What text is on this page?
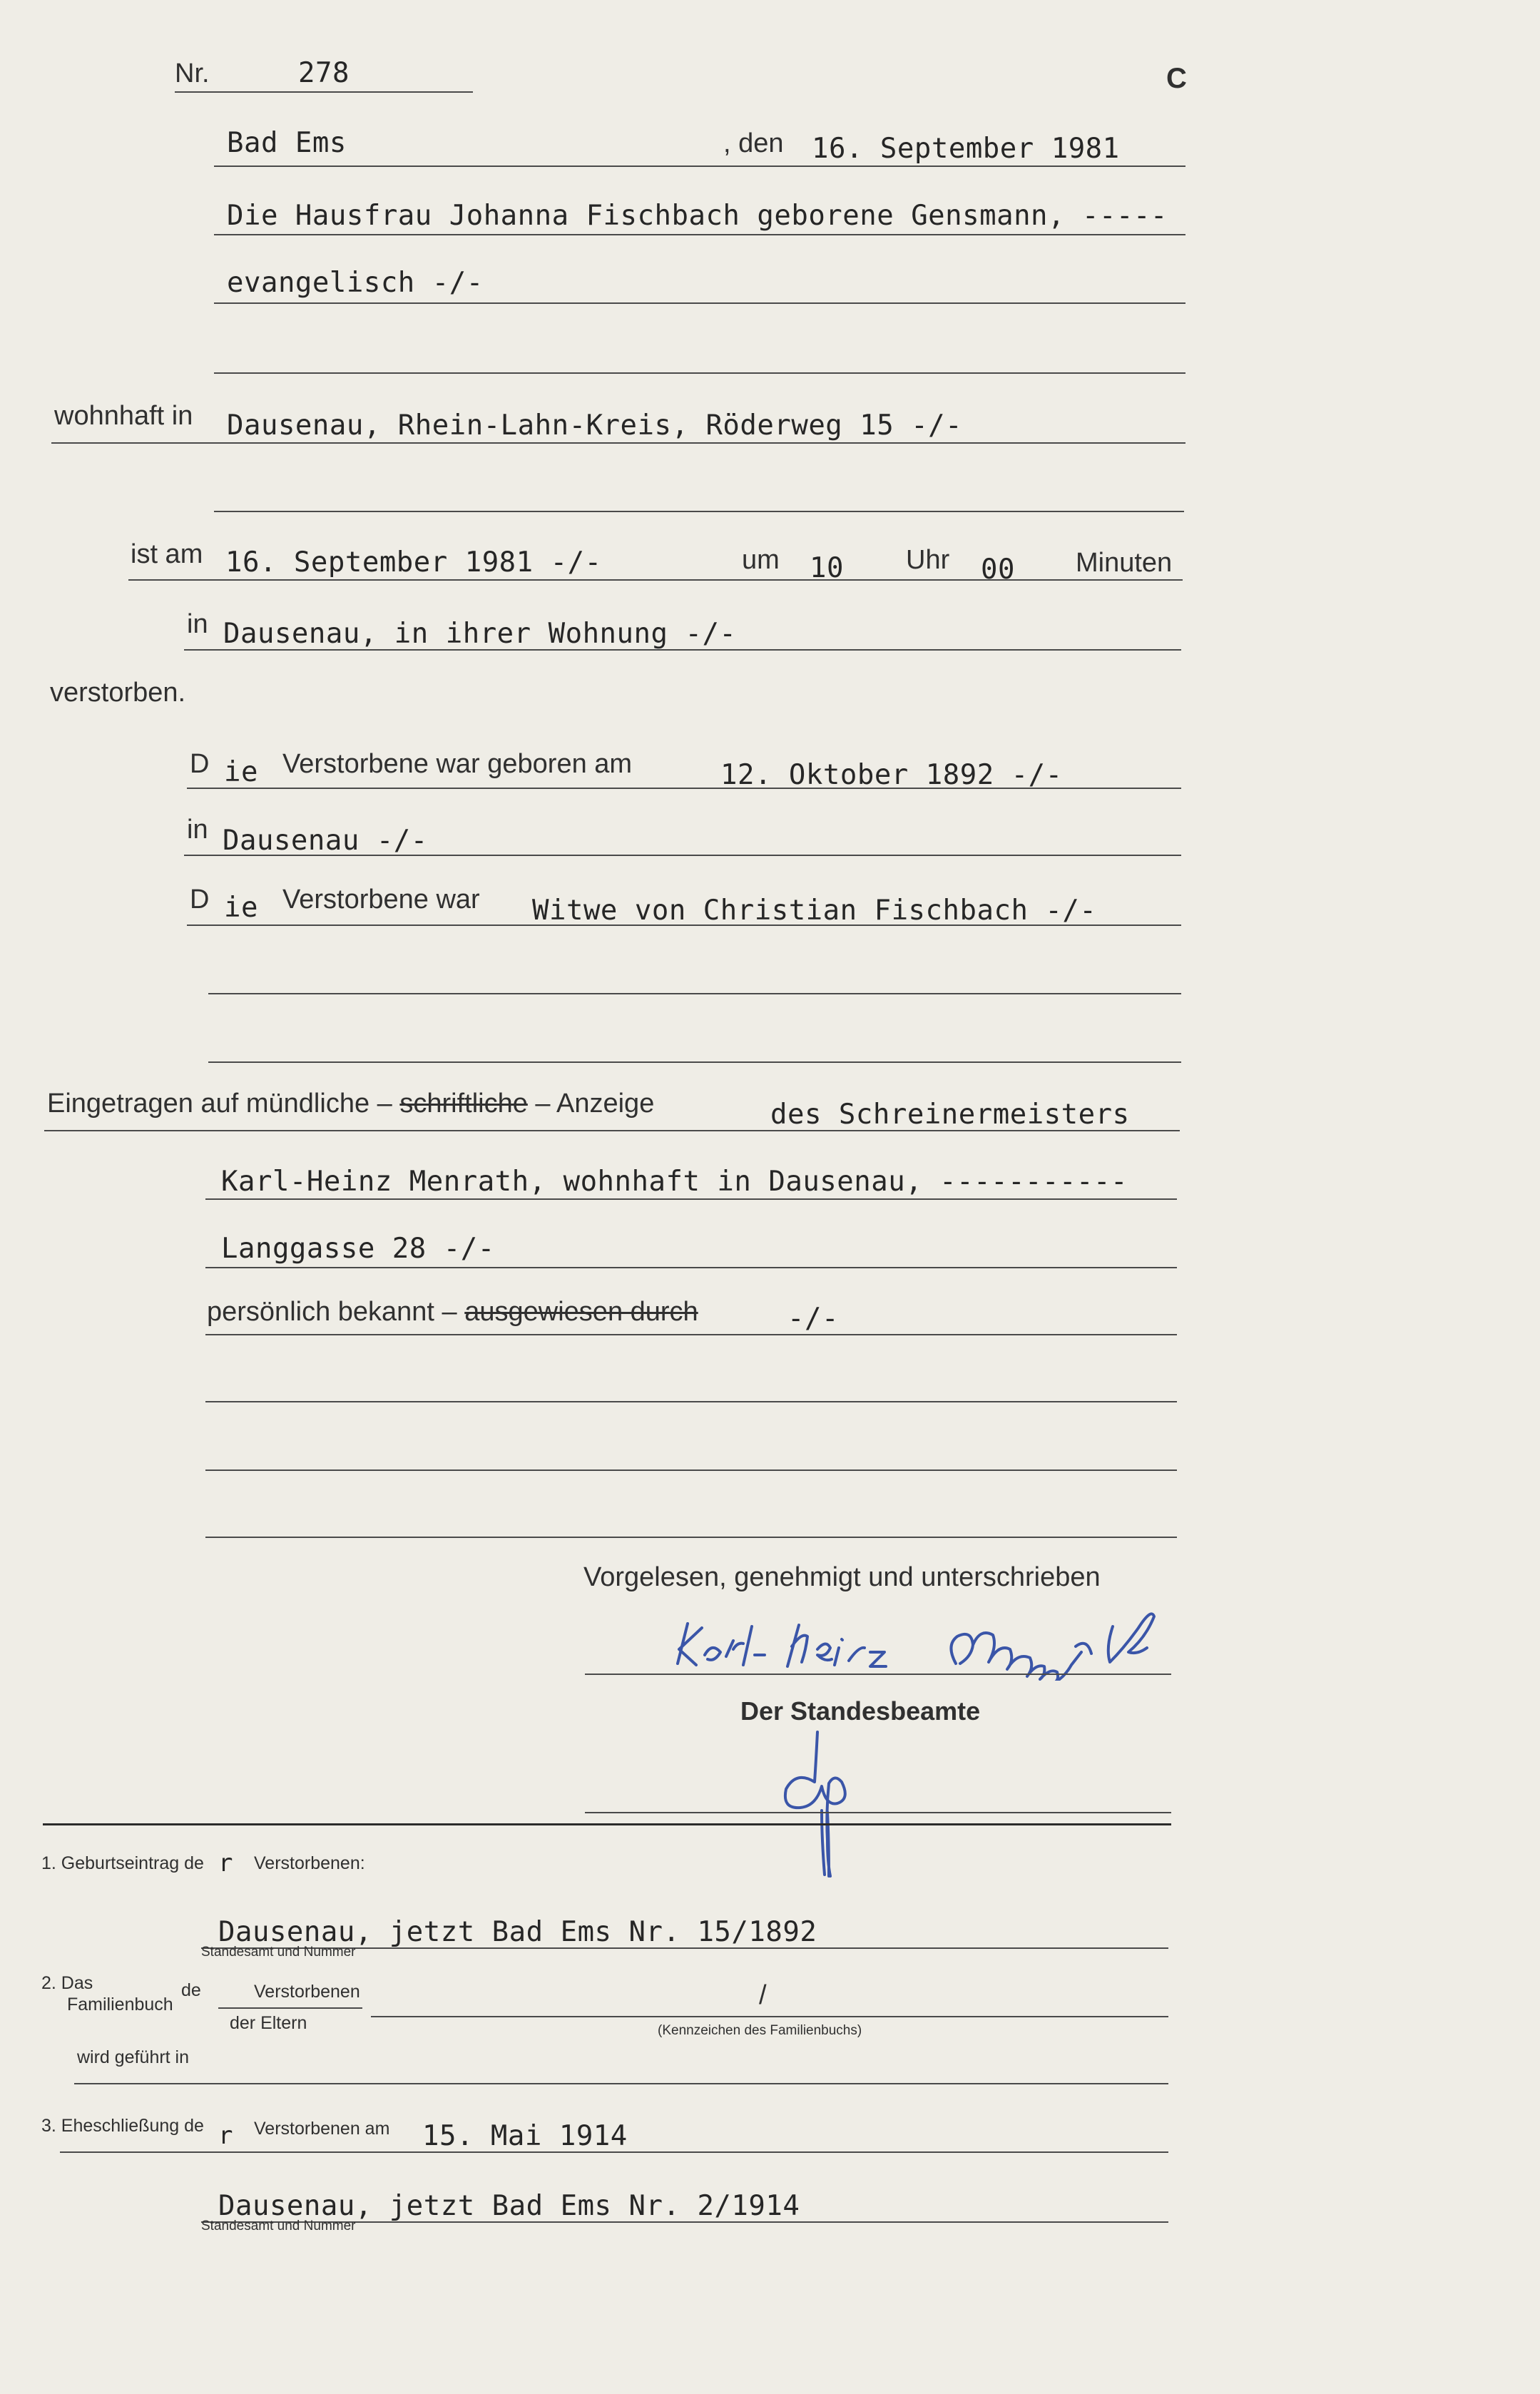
Nr.	278	C
Bad Ems	, den 16. September 1981
Die Hausfrau Johanna Fischbach geborene Gensmann, -----
evangelisch -/-
wohnhaft in Dausenau, Rhein-Lahn-Kreis, Röderweg 15 -/-
ist am 16. September 1981 -/-	um 10 Uhr 00 Minuten
in Dausenau, in ihrer Wohnung -/-
verstorben.
D ie Verstorbene war geboren am	12. Oktober 1892 -/-
in Dausenau -/-
D ie Verstorbene war Witwe von Christian Fischbach -/-
Eingetragen auf mündliche – schriftliche – Anzeige	des Schreinermeisters
Karl-Heinz Menrath, wohnhaft in Dausenau, -----------
Langgasse 28 -/-
persönlich bekannt – ausgewiesen durch	-/-
Vorgelesen, genehmigt und unterschrieben
Der Standesbeamte
1. Geburtseintrag de r Verstorbenen:
Dausenau, jetzt Bad Ems Nr. 15/1892
Standesamt und Nummer
2. Das
Familienbuch
de	Verstorbenen	/
der Eltern	(Kennzeichen des Familienbuchs)
wird geführt in
3. Eheschließung de r Verstorbenen am 15. Mai 1914
Dausenau, jetzt Bad Ems Nr. 2/1914
Standesamt und Nummer
